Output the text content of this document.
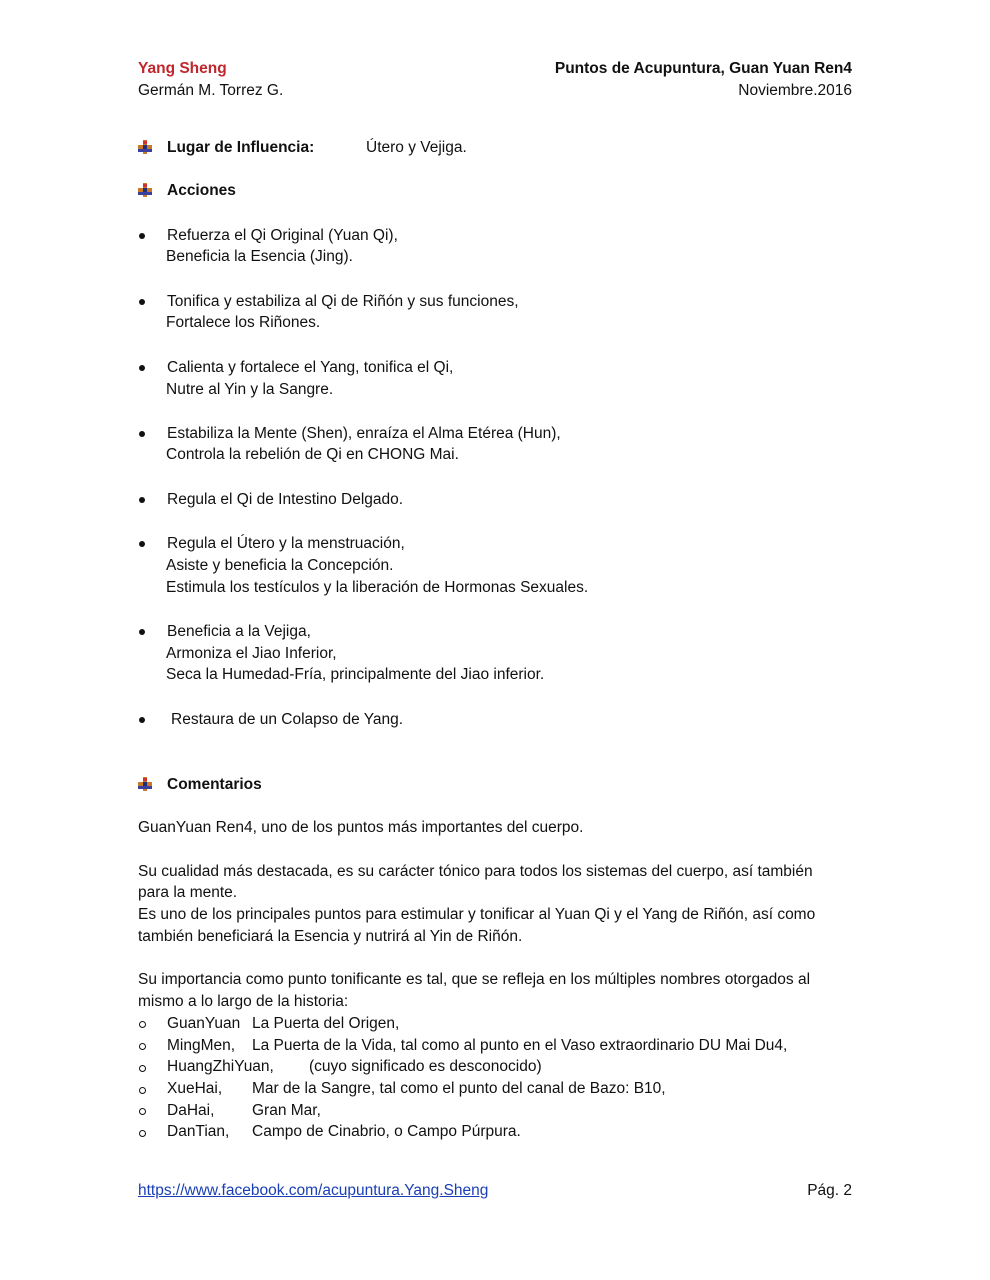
Yang Sheng
Germán M. Torrez G.
Puntos de Acupuntura, Guan Yuan Ren4
Noviembre.2016
Lugar de Influencia:	Útero y Vejiga.
Acciones
Refuerza el Qi Original (Yuan Qi),
Beneficia la Esencia (Jing).
Tonifica y estabiliza al Qi de Riñón y sus funciones,
Fortalece los Riñones.
Calienta y fortalece el Yang, tonifica el Qi,
Nutre al Yin y la Sangre.
Estabiliza la Mente (Shen), enraíza el Alma Etérea (Hun),
Controla la rebelión de Qi en CHONG Mai.
Regula el Qi de Intestino Delgado.
Regula el Útero y la menstruación,
Asiste y beneficia la Concepción.
Estimula los testículos y la liberación de Hormonas Sexuales.
Beneficia a la Vejiga,
Armoniza el Jiao Inferior,
Seca la Humedad-Fría, principalmente del Jiao inferior.
Restaura de un Colapso de Yang.
Comentarios
GuanYuan Ren4, uno de los puntos más importantes del cuerpo.
Su cualidad más destacada, es su carácter tónico para todos los sistemas del cuerpo, así también
para la mente.
Es uno de los principales puntos para estimular y tonificar al Yuan Qi y el Yang de Riñón, así como
también beneficiará la Esencia y nutrirá al Yin de Riñón.
Su importancia como punto tonificante es tal, que se refleja en los múltiples nombres otorgados al
mismo a lo largo de la historia:
GuanYuan La Puerta del Origen,
MingMen, La Puerta de la Vida, tal como al punto en el Vaso extraordinario DU Mai Du4,
HuangZhiYuan, (cuyo significado es desconocido)
XueHai, Mar de la Sangre, tal como el punto del canal de Bazo: B10,
DaHai, Gran Mar,
DanTian, Campo de Cinabrio, o Campo Púrpura.
https://www.facebook.com/acupuntura.Yang.Sheng	Pág. 2
